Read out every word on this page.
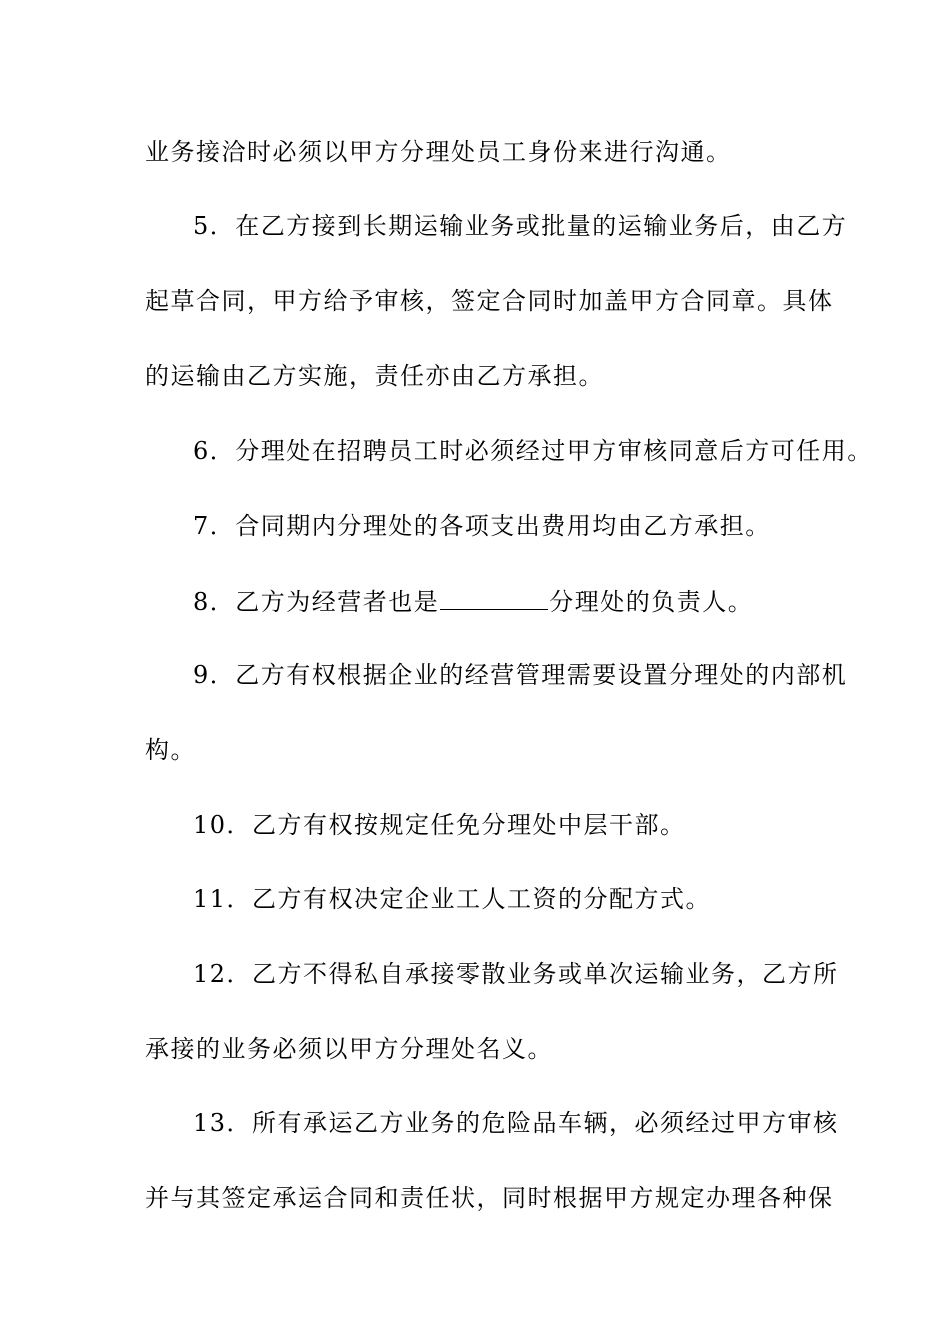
业务接洽时必须以甲方分理处员工身份来进行沟通。
5．在乙方接到长期运输业务或批量的运输业务后，由乙方
起草合同，甲方给予审核，签定合同时加盖甲方合同章。具体
的运输由乙方实施，责任亦由乙方承担。
6．分理处在招聘员工时必须经过甲方审核同意后方可任用。
7．合同期内分理处的各项支出费用均由乙方承担。
8．乙方为经营者也是	分理处的负责人。
9．乙方有权根据企业的经营管理需要设置分理处的内部机
构。
10．乙方有权按规定任免分理处中层干部。
11．乙方有权决定企业工人工资的分配方式。
12．乙方不得私自承接零散业务或单次运输业务，乙方所
承接的业务必须以甲方分理处名义。
13．所有承运乙方业务的危险品车辆，必须经过甲方审核
并与其签定承运合同和责任状，同时根据甲方规定办理各种保
